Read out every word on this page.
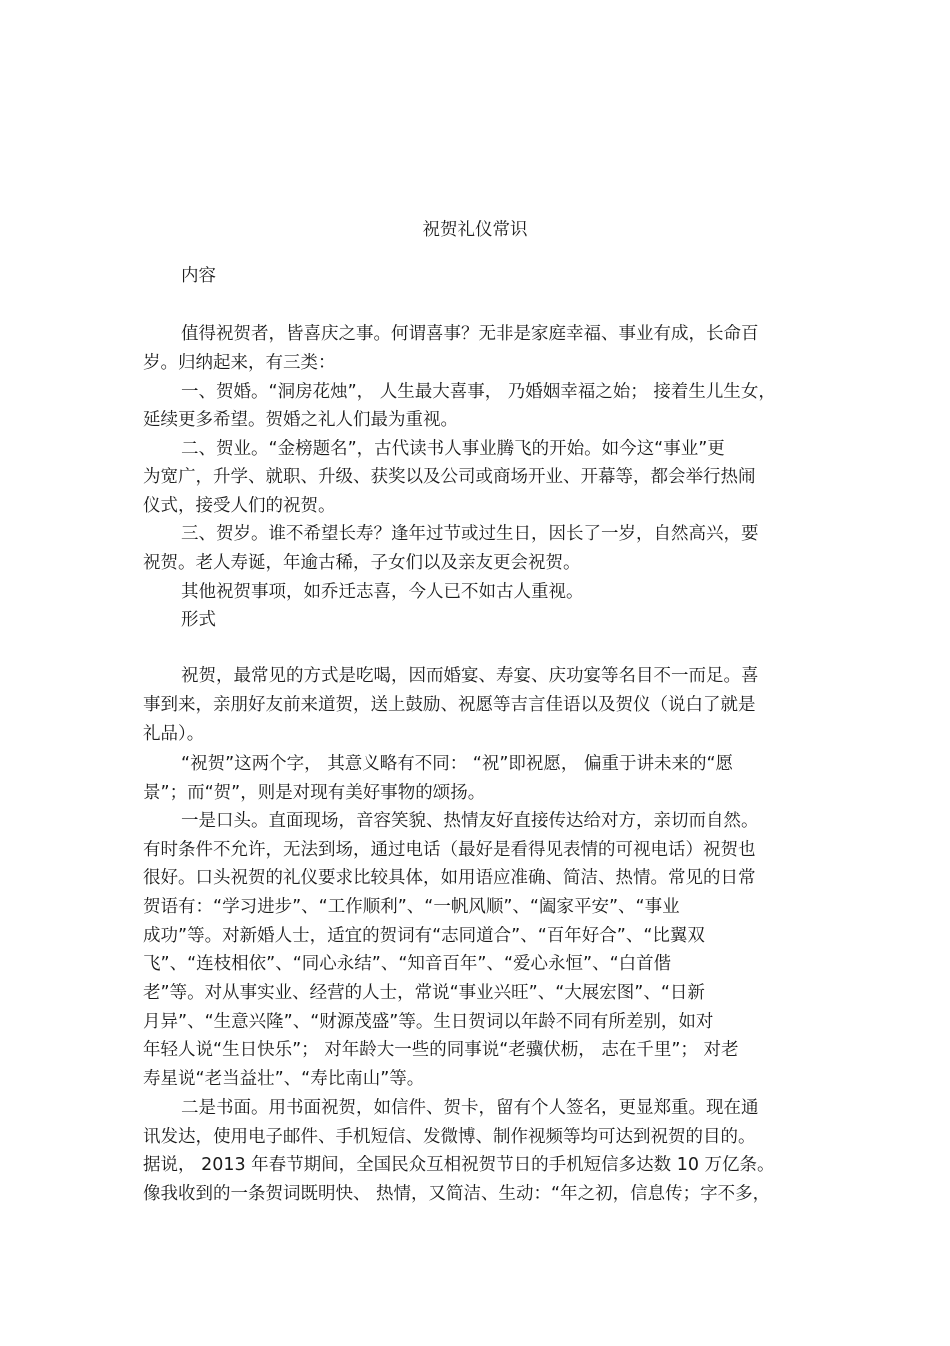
祝贺礼仪常识
内容
值得祝贺者，皆喜庆之事。何谓喜事？无非是家庭幸福、事业有成，长命百
岁。归纳起来，有三类：
一、贺婚。“洞房花烛”， 人生最大喜事， 乃婚姻幸福之始； 接着生儿生女，
延续更多希望。贺婚之礼人们最为重视。
二、贺业。“金榜题名”，古代读书人事业腾飞的开始。如今这“事业”更
为宽广，升学、就职、升级、获奖以及公司或商场开业、开幕等，都会举行热闹
仪式，接受人们的祝贺。
三、贺岁。谁不希望长寿？逢年过节或过生日，因长了一岁，自然高兴，要
祝贺。老人寿诞，年逾古稀，子女们以及亲友更会祝贺。
其他祝贺事项，如乔迁志喜，今人已不如古人重视。
形式
祝贺，最常见的方式是吃喝，因而婚宴、寿宴、庆功宴等名目不一而足。喜
事到来，亲朋好友前来道贺，送上鼓励、祝愿等吉言佳语以及贺仪（说白了就是
礼品）。
“祝贺”这两个字， 其意义略有不同： “祝”即祝愿， 偏重于讲未来的“愿
景”；而“贺”，则是对现有美好事物的颂扬。
一是口头。直面现场，音容笑貌、热情友好直接传达给对方，亲切而自然。
有时条件不允许，无法到场，通过电话（最好是看得见表情的可视电话）祝贺也
很好。口头祝贺的礼仪要求比较具体，如用语应准确、简洁、热情。常见的日常
贺语有：“学习进步”、“工作顺利”、“一帆风顺”、“阖家平安”、“事业
成功”等。对新婚人士，适宜的贺词有“志同道合”、“百年好合”、“比翼双
飞”、“连枝相依”、“同心永结”、“知音百年”、“爱心永恒”、“白首偕
老”等。对从事实业、经营的人士，常说“事业兴旺”、“大展宏图”、“日新
月异”、“生意兴隆”、“财源茂盛”等。生日贺词以年龄不同有所差别，如对
年轻人说“生日快乐”； 对年龄大一些的同事说“老骥伏枥， 志在千里”； 对老
寿星说“老当益壮”、“寿比南山”等。
二是书面。用书面祝贺，如信件、贺卡，留有个人签名，更显郑重。现在通
讯发达，使用电子邮件、手机短信、发微博、制作视频等均可达到祝贺的目的。
据说， 2013 年春节期间，全国民众互相祝贺节日的手机短信多达数 10 万亿条。
像我收到的一条贺词既明快、 热情，又简洁、生动：“年之初，信息传；字不多，
